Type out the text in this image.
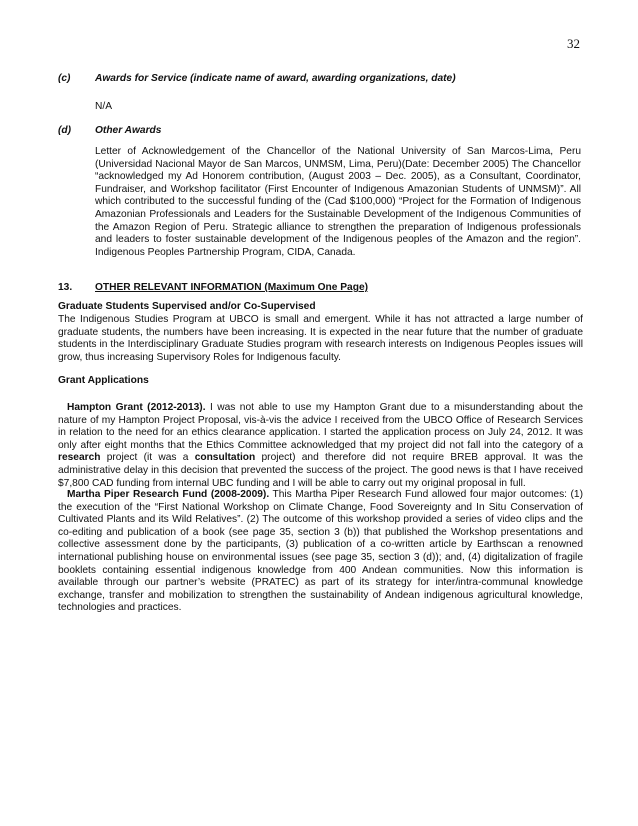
32
(c) Awards for Service (indicate name of award, awarding organizations, date)
N/A
(d) Other Awards
Letter of Acknowledgement of the Chancellor of the National University of San Marcos-Lima, Peru (Universidad Nacional Mayor de San Marcos, UNMSM, Lima, Peru)(Date: December 2005) The Chancellor “acknowledged my Ad Honorem contribution, (August 2003 – Dec. 2005), as a Consultant, Coordinator, Fundraiser, and Workshop facilitator (First Encounter of Indigenous Amazonian Students of UNMSM)”. All which contributed to the successful funding of the (Cad $100,000) “Project for the Formation of Indigenous Amazonian Professionals and Leaders for the Sustainable Development of the Indigenous Communities of the Amazon Region of Peru. Strategic alliance to strengthen the preparation of Indigenous professionals and leaders to foster sustainable development of the Indigenous peoples of the Amazon and the region”. Indigenous Peoples Partnership Program, CIDA, Canada.
13. OTHER RELEVANT INFORMATION (Maximum One Page)
Graduate Students Supervised and/or Co-Supervised
The Indigenous Studies Program at UBCO is small and emergent. While it has not attracted a large number of graduate students, the numbers have been increasing. It is expected in the near future that the number of graduate students in the Interdisciplinary Graduate Studies program with research interests on Indigenous Peoples issues will grow, thus increasing Supervisory Roles for Indigenous faculty.
Grant Applications
Hampton Grant (2012-2013). I was not able to use my Hampton Grant due to a misunderstanding about the nature of my Hampton Project Proposal, vis-à-vis the advice I received from the UBCO Office of Research Services in relation to the need for an ethics clearance application. I started the application process on July 24, 2012. It was only after eight months that the Ethics Committee acknowledged that my project did not fall into the category of a research project (it was a consultation project) and therefore did not require BREB approval. It was the administrative delay in this decision that prevented the success of the project. The good news is that I have received $7,800 CAD funding from internal UBC funding and I will be able to carry out my original proposal in full.
Martha Piper Research Fund (2008-2009). This Martha Piper Research Fund allowed four major outcomes: (1) the execution of the “First National Workshop on Climate Change, Food Sovereignty and In Situ Conservation of Cultivated Plants and its Wild Relatives”. (2) The outcome of this workshop provided a series of video clips and the co-editing and publication of a book (see page 35, section 3 (b)) that published the Workshop presentations and collective assessment done by the participants, (3) publication of a co-written article by Earthscan a renowned international publishing house on environmental issues (see page 35, section 3 (d)); and, (4) digitalization of fragile booklets containing essential indigenous knowledge from 400 Andean communities. Now this information is available through our partner’s website (PRATEC) as part of its strategy for inter/intra-communal knowledge exchange, transfer and mobilization to strengthen the sustainability of Andean indigenous agricultural knowledge, technologies and practices.
